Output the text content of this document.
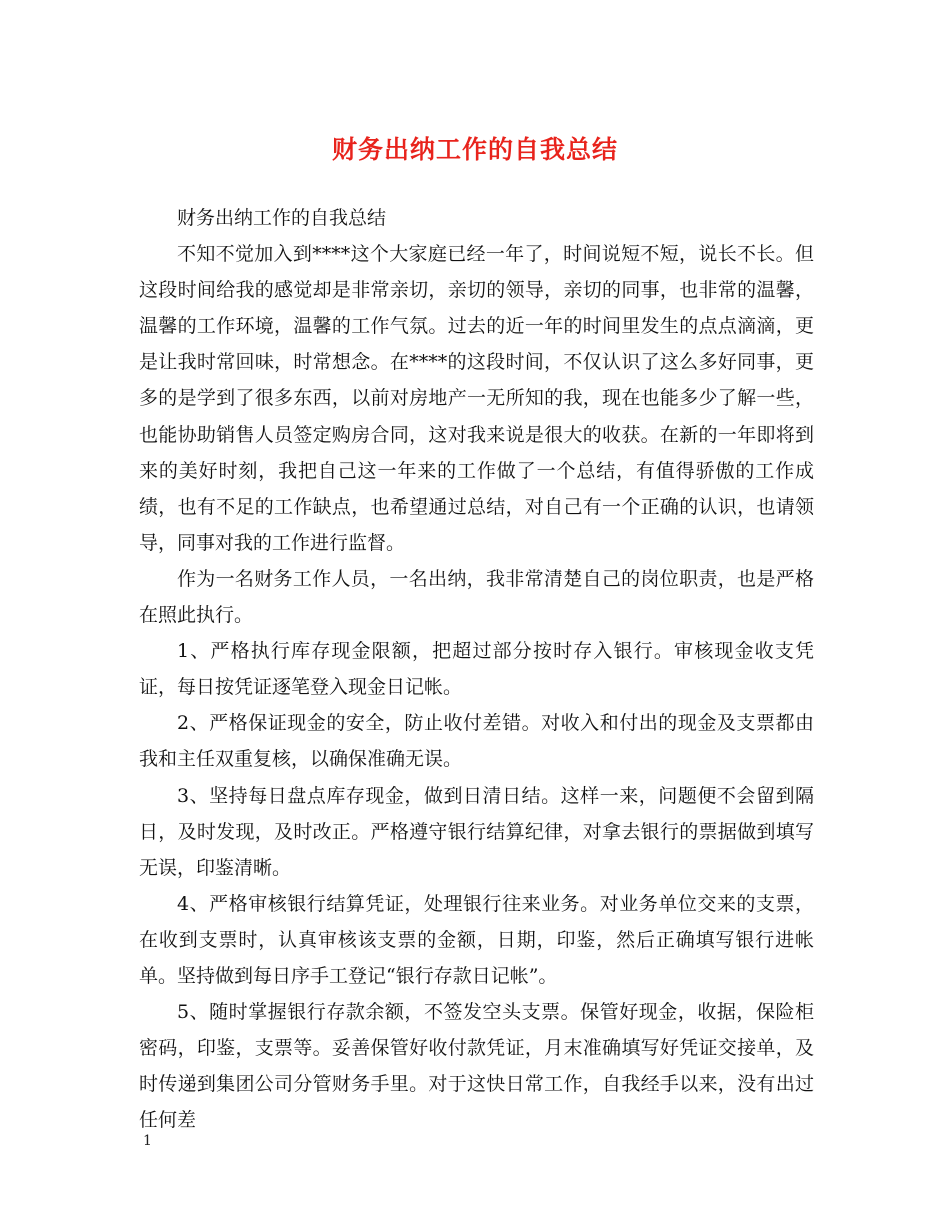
财务出纳工作的自我总结

财务出纳工作的自我总结

不知不觉加入到****这个大家庭已经一年了，时间说短不短，说长不长。但这段时间给我的感觉却是非常亲切，亲切的领导，亲切的同事，也非常的温馨，温馨的工作环境，温馨的工作气氛。过去的近一年的时间里发生的点点滴滴，更是让我时常回味，时常想念。在****的这段时间，不仅认识了这么多好同事，更多的是学到了很多东西，以前对房地产一无所知的我，现在也能多少了解一些，也能协助销售人员签定购房合同，这对我来说是很大的收获。在新的一年即将到来的美好时刻，我把自己这一年来的工作做了一个总结，有值得骄傲的工作成绩，也有不足的工作缺点，也希望通过总结，对自己有一个正确的认识，也请领导，同事对我的工作进行监督。

作为一名财务工作人员，一名出纳，我非常清楚自己的岗位职责，也是严格在照此执行。

1、严格执行库存现金限额，把超过部分按时存入银行。审核现金收支凭证，每日按凭证逐笔登入现金日记帐。

2、严格保证现金的安全，防止收付差错。对收入和付出的现金及支票都由我和主任双重复核，以确保准确无误。

3、坚持每日盘点库存现金，做到日清日结。这样一来，问题便不会留到隔日，及时发现，及时改正。严格遵守银行结算纪律，对拿去银行的票据做到填写无误，印鉴清晰。

4、严格审核银行结算凭证，处理银行往来业务。对业务单位交来的支票，在收到支票时，认真审核该支票的金额，日期，印鉴，然后正确填写银行进帐单。坚持做到每日序手工登记“银行存款日记帐”。

5、随时掌握银行存款余额，不签发空头支票。保管好现金，收据，保险柜密码，印鉴，支票等。妥善保管好收付款凭证，月末准确填写好凭证交接单，及时传递到集团公司分管财务手里。对于这快日常工作，自我经手以来，没有出过任何差

1
